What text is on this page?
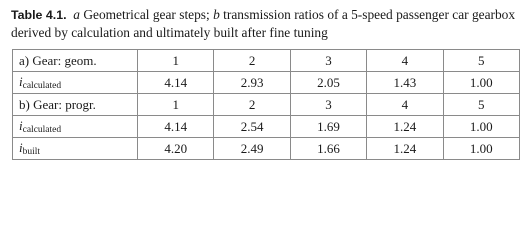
Table 4.1. a Geometrical gear steps; b transmission ratios of a 5-speed passenger car gearbox derived by calculation and ultimately built after fine tuning
a) Gear: geom.	1	2	3	4	5
$i_{calculated}$	4.14	2.93	2.05	1.43	1.00
b) Gear: progr.	1	2	3	4	5
$i_{calculated}$	4.14	2.54	1.69	1.24	1.00
$i_{built}$	4.20	2.49	1.66	1.24	1.00
